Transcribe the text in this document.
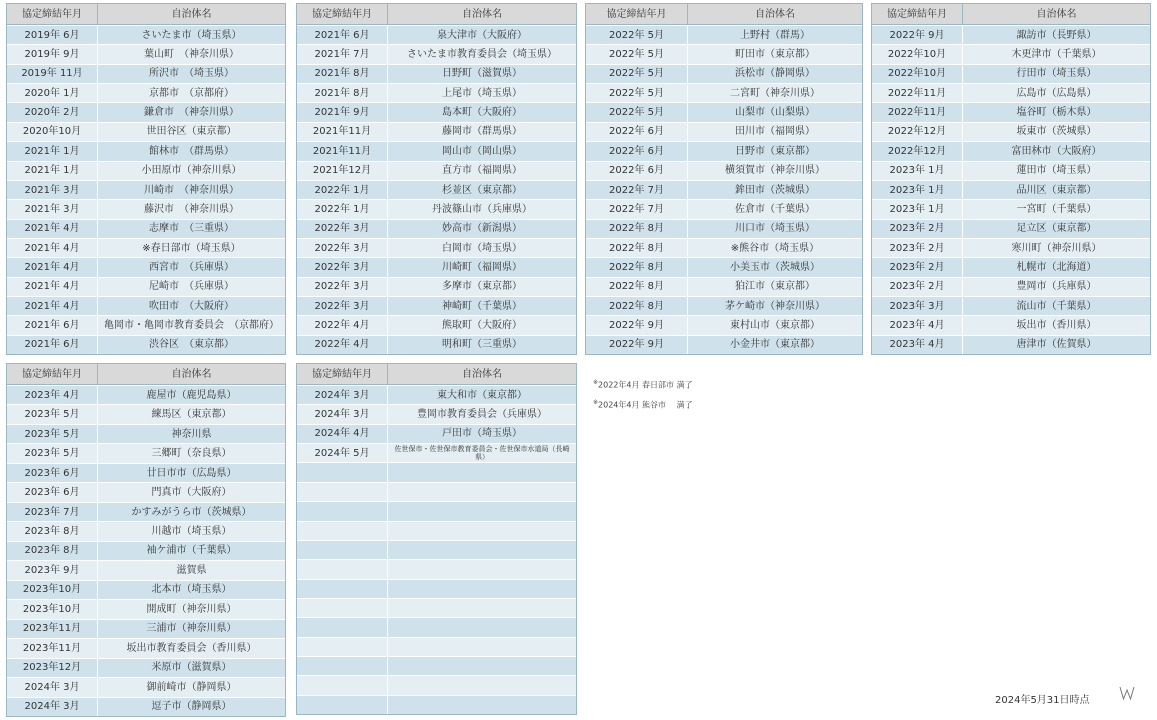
協定締結年月	自治体名
2019年 6月	さいたま市（埼玉県）
2019年 9月	葉山町　（神奈川県）
2019年 11月	所沢市　（埼玉県）
2020年 1月	京都市　（京都府）
2020年 2月	鎌倉市　（神奈川県）
2020年10月	世田谷区（東京都）
2021年 1月	館林市　（群馬県）
2021年 1月	小田原市（神奈川県）
2021年 3月	川崎市　（神奈川県）
2021年 3月	藤沢市　（神奈川県）
2021年 4月	志摩市　（三重県）
2021年 4月	※春日部市（埼玉県）
2021年 4月	西宮市　（兵庫県）
2021年 4月	尼崎市　（兵庫県）
2021年 4月	吹田市　（大阪府）
2021年 6月	亀岡市・亀岡市教育委員会　（京都府）
2021年 6月	渋谷区　（東京都）
協定締結年月	自治体名
2021年 6月	泉大津市（大阪府）
2021年 7月	さいたま市教育委員会（埼玉県）
2021年 8月	日野町（滋賀県）
2021年 8月	上尾市（埼玉県）
2021年 9月	島本町（大阪府）
2021年11月	藤岡市（群馬県）
2021年11月	岡山市（岡山県）
2021年12月	直方市（福岡県）
2022年 1月	杉並区（東京都）
2022年 1月	丹波篠山市（兵庫県）
2022年 3月	妙高市（新潟県）
2022年 3月	白岡市（埼玉県）
2022年 3月	川崎町（福岡県）
2022年 3月	多摩市（東京都）
2022年 3月	神崎町（千葉県）
2022年 4月	熊取町（大阪府）
2022年 4月	明和町（三重県）
協定締結年月	自治体名
2022年 5月	上野村（群馬）
2022年 5月	町田市（東京都）
2022年 5月	浜松市（静岡県）
2022年 5月	二宮町（神奈川県）
2022年 5月	山梨市（山梨県）
2022年 6月	田川市（福岡県）
2022年 6月	日野市（東京都）
2022年 6月	横須賀市（神奈川県）
2022年 7月	鉾田市（茨城県）
2022年 7月	佐倉市（千葉県）
2022年 8月	川口市（埼玉県）
2022年 8月	※熊谷市（埼玉県）
2022年 8月	小美玉市（茨城県）
2022年 8月	狛江市（東京都）
2022年 8月	茅ケ崎市（神奈川県）
2022年 9月	東村山市（東京都）
2022年 9月	小金井市（東京都）
協定締結年月	自治体名
2022年 9月	諏訪市（長野県）
2022年10月	木更津市（千葉県）
2022年10月	行田市（埼玉県）
2022年11月	広島市（広島県）
2022年11月	塩谷町（栃木県）
2022年12月	坂東市（茨城県）
2022年12月	富田林市（大阪府）
2023年 1月	蓮田市（埼玉県）
2023年 1月	品川区（東京都）
2023年 1月	一宮町（千葉県）
2023年 2月	足立区（東京都）
2023年 2月	寒川町（神奈川県）
2023年 2月	札幌市（北海道）
2023年 2月	豊岡市（兵庫県）
2023年 3月	流山市（千葉県）
2023年 4月	坂出市（香川県）
2023年 4月	唐津市（佐賀県）
協定締結年月	自治体名
2023年 4月	鹿屋市（鹿児島県）
2023年 5月	練馬区（東京都）
2023年 5月	神奈川県
2023年 5月	三郷町（奈良県）
2023年 6月	廿日市市（広島県）
2023年 6月	門真市（大阪府）
2023年 7月	かすみがうら市（茨城県）
2023年 8月	川越市（埼玉県）
2023年 8月	袖ケ浦市（千葉県）
2023年 9月	滋賀県
2023年10月	北本市（埼玉県）
2023年10月	開成町（神奈川県）
2023年11月	三浦市（神奈川県）
2023年11月	坂出市教育委員会（香川県）
2023年12月	米原市（滋賀県）
2024年 3月	御前崎市（静岡県）
2024年 3月	逗子市（静岡県）
協定締結年月	自治体名
2024年 3月	東大和市（東京都）
2024年 3月	豊岡市教育委員会（兵庫県）
2024年 4月	戸田市（埼玉県）
2024年 5月	佐世保市・佐世保市教育委員会・佐世保市水道局（長崎県）
※2022年4月 春日部市 満了
※2024年4月 熊谷市　 満了
2024年5月31日時点
